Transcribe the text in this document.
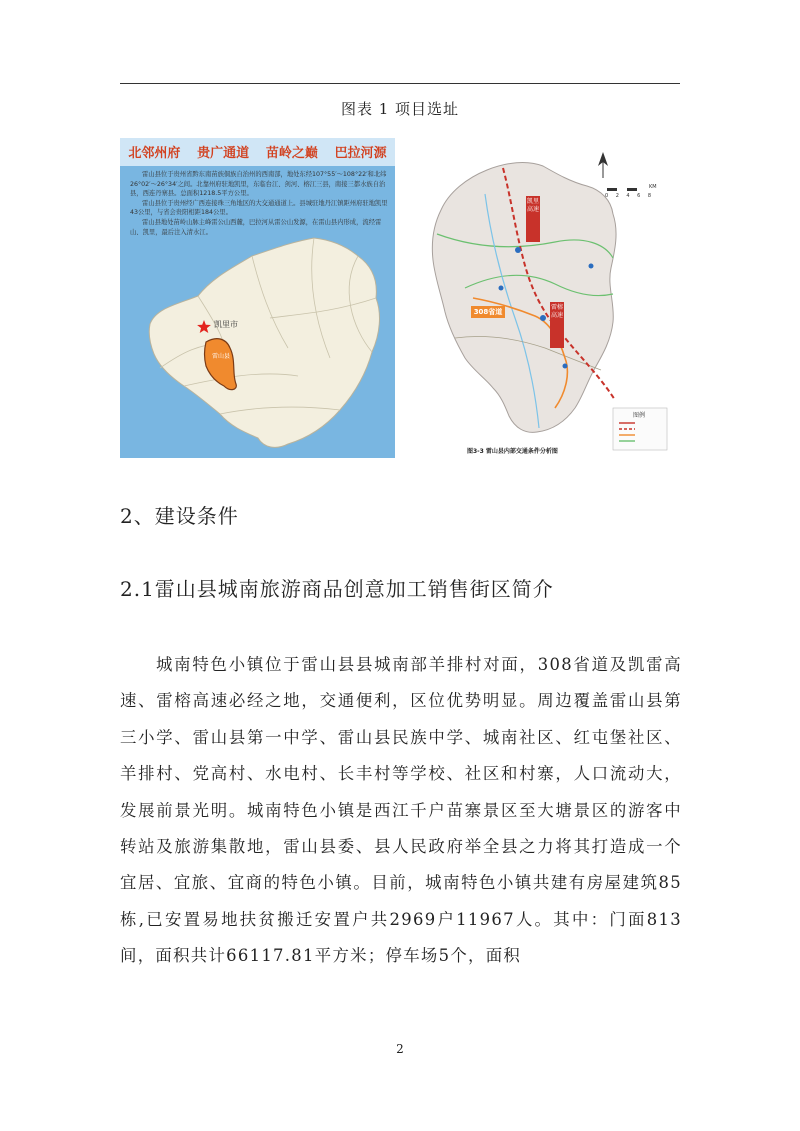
图表 1 项目选址
北邻州府 贵广通道 苗岭之巅 巴拉河源
凯里市
雷山县

雷山县位于贵州省黔东南苗族侗族自治州的西南部，地处东经107°55′～108°22′和北纬26°02′～26°34′之间。北靠州府驻地凯里，东临台江、剑河、榕江三县，南接三都水族自治县，西连丹寨县。总面积1218.5平方公里。

雷山县位于贵州经广西连接珠三角地区的大交通通道上。县城驻地丹江镇距州府驻地凯里43公里，与省会贵阳相距184公里。

雷山县地处苗岭山脉主峰雷公山西麓，巴拉河从雷公山发源，在雷山县内形成，流经雷山、凯里，最后注入清水江。

凯里高速
雷榕高速
308省道
KM
0 2 4 6 8
图例
图3-3 雷山县内部交通条件分析图
2、建设条件
2.1雷山县城南旅游商品创意加工销售街区简介

城南特色小镇位于雷山县县城南部羊排村对面，308省道及凯雷高速、雷榕高速必经之地，交通便利，区位优势明显。周边覆盖雷山县第三小学、雷山县第一中学、雷山县民族中学、城南社区、红屯堡社区、羊排村、党高村、水电村、长丰村等学校、社区和村寨，人口流动大，发展前景光明。城南特色小镇是西江千户苗寨景区至大塘景区的游客中转站及旅游集散地，雷山县委、县人民政府举全县之力将其打造成一个宜居、宜旅、宜商的特色小镇。目前，城南特色小镇共建有房屋建筑85栋,已安置易地扶贫搬迁安置户共2969户11967人。其中：门面813间，面积共计66117.81平方米；停车场5个，面积

2
